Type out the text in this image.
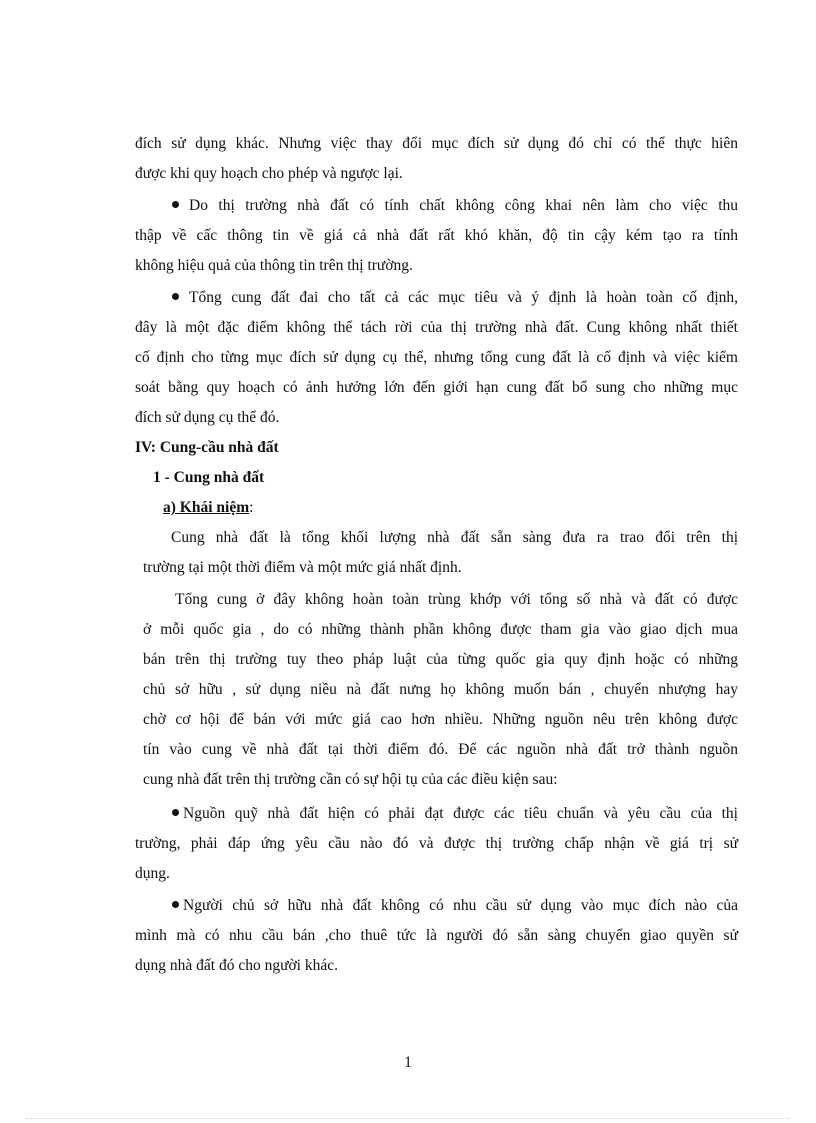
đích sử dụng khác. Nhưng việc thay đổi mục đích sử dụng đó chỉ có thể thực hiên
được khi quy hoạch cho phép và ngược lại.
Do thị trường nhà đất có tính chất không công khai nên làm cho việc thu
thập về cấc thông tin về giá cả nhà đất rất khó khăn, độ tin cậy kém tạo ra tính
không hiệu quả của thông tin trên thị trường.
Tổng cung đất đai cho tất cả các mục tiêu và ý định là hoàn toàn cố định,
đây là một đặc điểm không thể tách rời của thị trường nhà đất. Cung không nhất thiết
cố định cho từng mục đích sử dụng cụ thể, nhưng tổng cung đất là cố định và việc kiểm
soát bằng quy hoạch có ảnh hưởng lớn đến giới hạn cung đất bổ sung cho những mục
đích sử dụng cụ thể đó.
IV: Cung-cầu nhà đất
1 - Cung nhà đất
a) Khái niệm:
Cung nhà đất là tổng khối lượng nhà đất sẵn sàng đưa ra trao đổi trên thị
trường tại một thời điểm và một mức giá nhất định.
Tổng cung ở đây không hoàn toàn trùng khớp với tổng số nhà và đất có được
ở mỗi quốc gia , do có những thành phần không được tham gia vào giao dịch mua
bán trên thị trường tuy theo pháp luật của từng quốc gia quy định hoặc có những
chủ sở hữu , sử dụng niều nà đất nưng họ không muốn bán , chuyển nhượng hay
chờ cơ hội để bán với mức giá cao hơn nhiều. Những nguồn nêu trên không được
tín vào cung về nhà đất tại thời điểm đó. Để các nguồn nhà đất trở thành nguồn
cung nhà đất trên thị trường cần có sự hội tụ của các điều kiện sau:
Nguồn quỹ nhà đất hiện có phải đạt được các tiêu chuẩn và yêu cầu của thị
trường, phải đáp ứng yêu cầu nào đó và được thị trường chấp nhận về giá trị sử
dụng.
Người chủ sở hữu nhà đất không có nhu cầu sử dụng vào mục đích nào của
mình mà có nhu cầu bán ,cho thuê tức là người đó sẵn sàng chuyển giao quyền sử
dụng nhà đất đó cho người khác.
1
